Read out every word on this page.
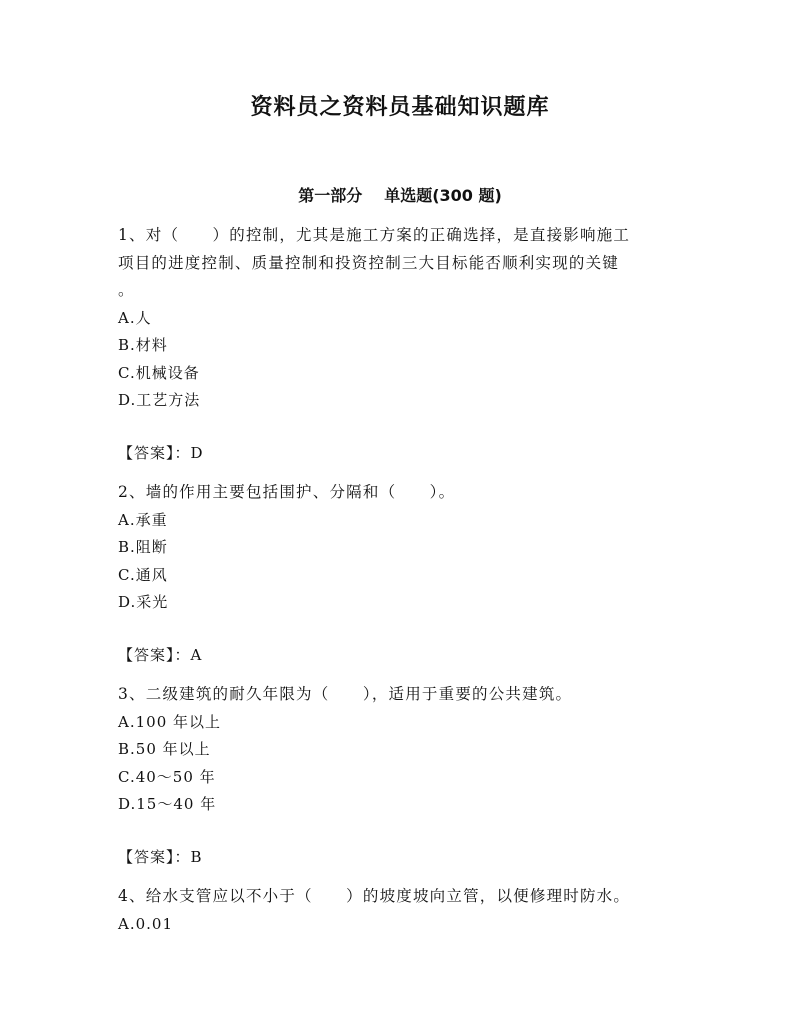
资料员之资料员基础知识题库
第一部分 单选题(300 题)
1、对（　　）的控制，尤其是施工方案的正确选择，是直接影响施工
项目的进度控制、质量控制和投资控制三大目标能否顺利实现的关键
。
A.人
B.材料
C.机械设备
D.工艺方法
【答案】：D
2、墙的作用主要包括围护、分隔和（　　）。
A.承重
B.阻断
C.通风
D.采光
【答案】：A
3、二级建筑的耐久年限为（　　），适用于重要的公共建筑。
A.100 年以上
B.50 年以上
C.40～50 年
D.15～40 年
【答案】：B
4、给水支管应以不小于（　　）的坡度坡向立管，以便修理时防水。
A.0.01
